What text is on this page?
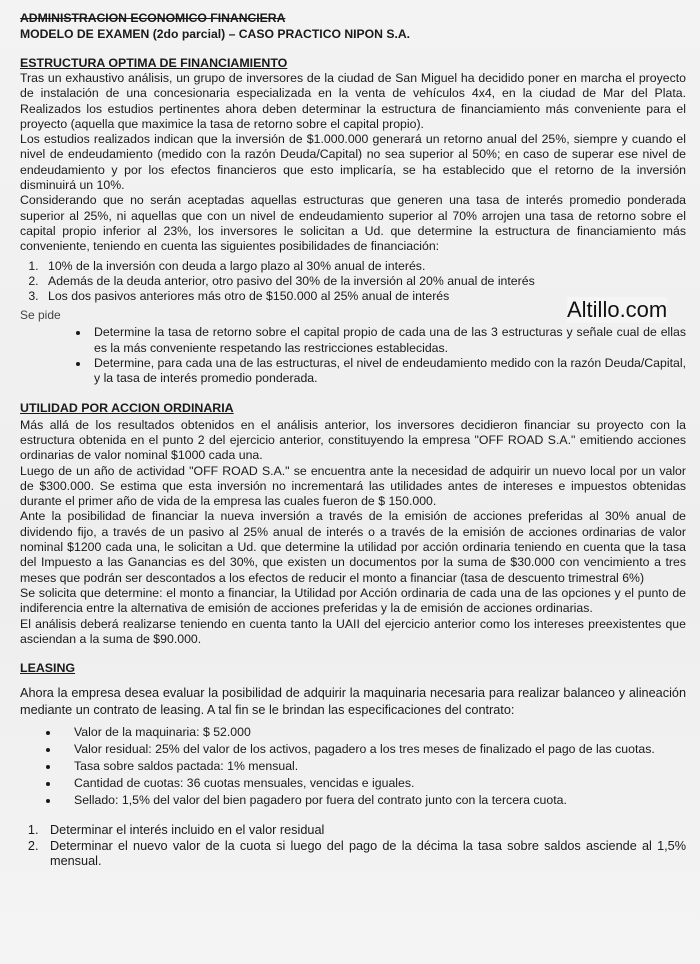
ADMINISTRACION ECONOMICO FINANCIERA
MODELO DE EXAMEN (2do parcial) – CASO PRACTICO NIPON S.A.
ESTRUCTURA OPTIMA DE FINANCIAMIENTO

Tras un exhaustivo análisis, un grupo de inversores de la ciudad de San Miguel ha decidido poner en marcha el proyecto de instalación de una concesionaria especializada en la venta de vehículos 4x4, en la ciudad de Mar del Plata. Realizados los estudios pertinentes ahora deben determinar la estructura de financiamiento más conveniente para el proyecto (aquella que maximice la tasa de retorno sobre el capital propio).

Los estudios realizados indican que la inversión de $1.000.000 generará un retorno anual del 25%, siempre y cuando el nivel de endeudamiento (medido con la razón Deuda/Capital) no sea superior al 50%; en caso de superar ese nivel de endeudamiento y por los efectos financieros que esto implicaría, se ha establecido que el retorno de la inversión disminuirá un 10%.

Considerando que no serán aceptadas aquellas estructuras que generen una tasa de interés promedio ponderada superior al 25%, ni aquellas que con un nivel de endeudamiento superior al 70% arrojen una tasa de retorno sobre el capital propio inferior al 23%, los inversores le solicitan a Ud. que determine la estructura de financiamiento más conveniente, teniendo en cuenta las siguientes posibilidades de financiación:

1. 10% de la inversión con deuda a largo plazo al 30% anual de interés.
2. Además de la deuda anterior, otro pasivo del 30% de la inversión al 20% anual de interés
3. Los dos pasivos anteriores más otro de $150.000 al 25% anual de interés
Se pide
• Determine la tasa de retorno sobre el capital propio de cada una de las 3 estructuras y señale cual de ellas es la más conveniente respetando las restricciones establecidas.
• Determine, para cada una de las estructuras, el nivel de endeudamiento medido con la razón Deuda/Capital, y la tasa de interés promedio ponderada.
UTILIDAD POR ACCION ORDINARIA

Más allá de los resultados obtenidos en el análisis anterior, los inversores decidieron financiar su proyecto con la estructura obtenida en el punto 2 del ejercicio anterior, constituyendo la empresa "OFF ROAD S.A." emitiendo acciones ordinarias de valor nominal $1000 cada una.

Luego de un año de actividad "OFF ROAD S.A." se encuentra ante la necesidad de adquirir un nuevo local por un valor de $300.000. Se estima que esta inversión no incrementará las utilidades antes de intereses e impuestos obtenidas durante el primer año de vida de la empresa las cuales fueron de $ 150.000.

Ante la posibilidad de financiar la nueva inversión a través de la emisión de acciones preferidas al 30% anual de dividendo fijo, a través de un pasivo al 25% anual de interés o a través de la emisión de acciones ordinarias de valor nominal $1200 cada una, le solicitan a Ud. que determine la utilidad por acción ordinaria teniendo en cuenta que la tasa del Impuesto a las Ganancias es del 30%, que existen un documentos por la suma de $30.000 con vencimiento a tres meses que podrán ser descontados a los efectos de reducir el monto a financiar (tasa de descuento trimestral 6%)

Se solicita que determine: el monto a financiar, la Utilidad por Acción ordinaria de cada una de las opciones y el punto de indiferencia entre la alternativa de emisión de acciones preferidas y la de emisión de acciones ordinarias.

El análisis deberá realizarse teniendo en cuenta tanto la UAII del ejercicio anterior como los intereses preexistentes que asciendan a la suma de $90.000.

LEASING

Ahora la empresa desea evaluar la posibilidad de adquirir la maquinaria necesaria para realizar balanceo y alineación mediante un contrato de leasing. A tal fin se le brindan las especificaciones del contrato:

• Valor de la maquinaria: $ 52.000
• Valor residual: 25% del valor de los activos, pagadero a los tres meses de finalizado el pago de las cuotas.
• Tasa sobre saldos pactada: 1% mensual.
• Cantidad de cuotas: 36 cuotas mensuales, vencidas e iguales.
• Sellado: 1,5% del valor del bien pagadero por fuera del contrato junto con la tercera cuota.
1. Determinar el interés incluido en el valor residual
2. Determinar el nuevo valor de la cuota si luego del pago de la décima la tasa sobre saldos asciende al 1,5% mensual.
Altillo.com
